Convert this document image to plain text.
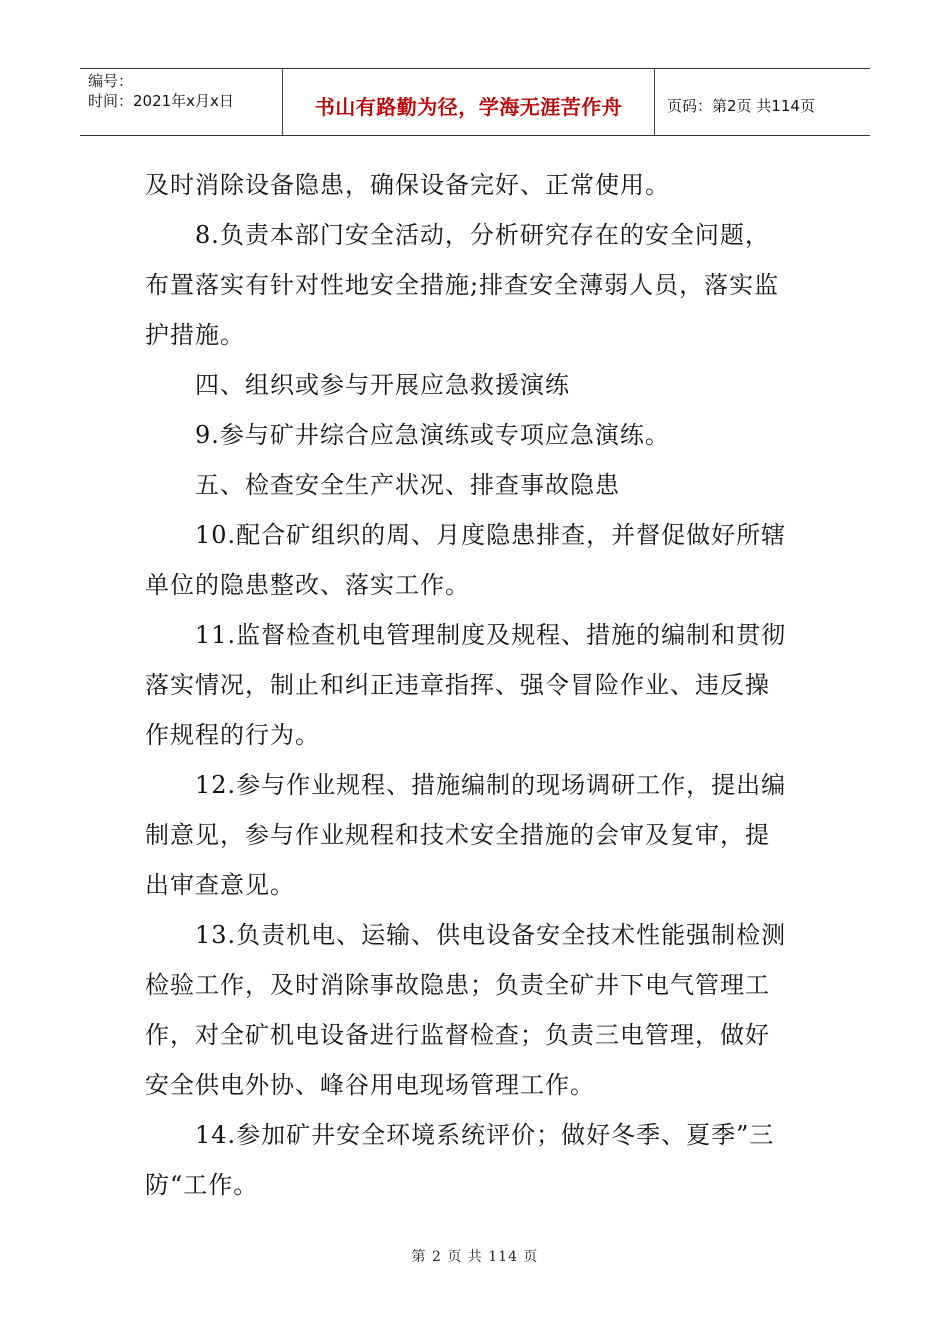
编号：
时间：2021年x月x日	书山有路勤为径，学海无涯苦作舟	页码：第2页 共114页

及时消除设备隐患，确保设备完好、正常使用。

8.负责本部门安全活动，分析研究存在的安全问题，

布置落实有针对性地安全措施;排查安全薄弱人员，落实监

护措施。

四、组织或参与开展应急救援演练

9.参与矿井综合应急演练或专项应急演练。

五、检查安全生产状况、排查事故隐患

10.配合矿组织的周、月度隐患排查，并督促做好所辖

单位的隐患整改、落实工作。

11.监督检查机电管理制度及规程、措施的编制和贯彻

落实情况，制止和纠正违章指挥、强令冒险作业、违反操

作规程的行为。

12.参与作业规程、措施编制的现场调研工作，提出编

制意见，参与作业规程和技术安全措施的会审及复审，提

出审查意见。

13.负责机电、运输、供电设备安全技术性能强制检测

检验工作，及时消除事故隐患；负责全矿井下电气管理工

作，对全矿机电设备进行监督检查；负责三电管理，做好

安全供电外协、峰谷用电现场管理工作。

14.参加矿井安全环境系统评价；做好冬季、夏季”三

防“工作。

第 2 页 共 114 页
